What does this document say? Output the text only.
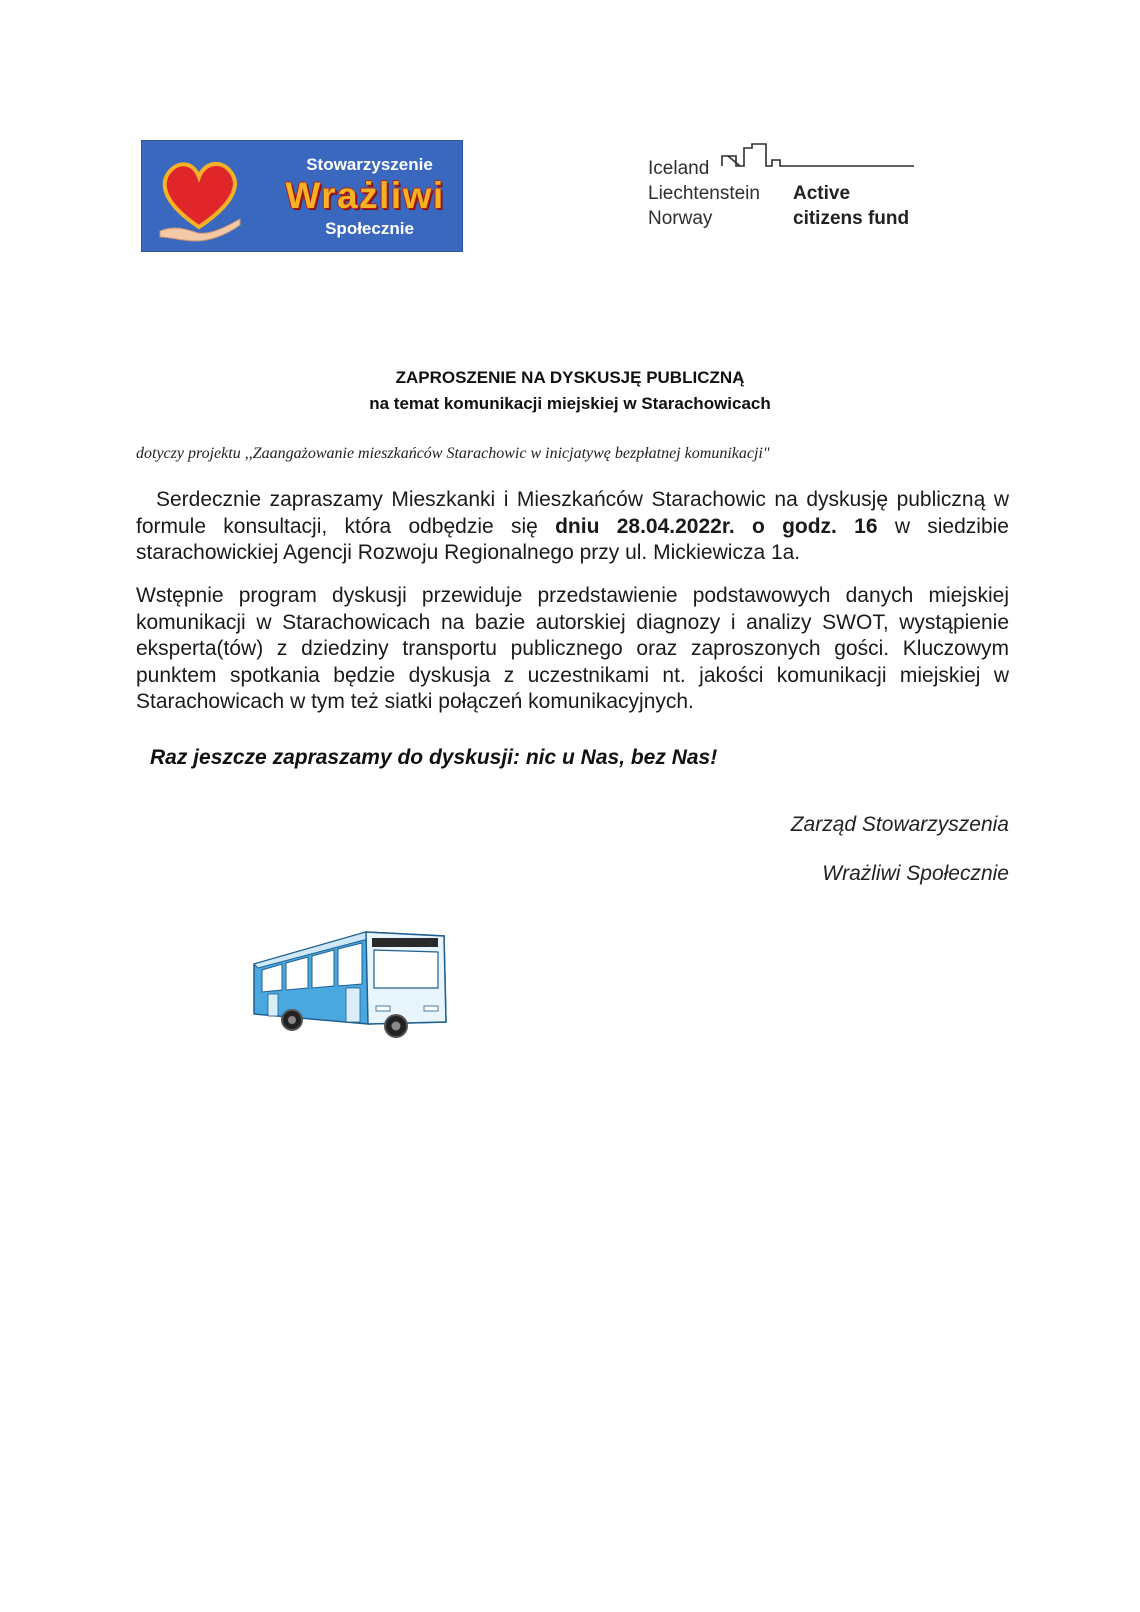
Stowarzyszenie
Wrażliwi
Społecznie
Iceland
Liechtenstein
Norway
Active
citizens fund
ZAPROSZENIE NA DYSKUSJĘ PUBLICZNĄ
na temat komunikacji miejskiej w Starachowicach
dotyczy projektu ,,Zaangażowanie mieszkańców Starachowic w inicjatywę bezpłatnej komunikacji"
Serdecznie zapraszamy Mieszkanki i Mieszkańców Starachowic na dyskusję publiczną w formule konsultacji, która odbędzie się dniu 28.04.2022r. o godz. 16 w siedzibie starachowickiej Agencji Rozwoju Regionalnego przy ul. Mickiewicza 1a.
Wstępnie program dyskusji przewiduje przedstawienie podstawowych danych miejskiej komunikacji w Starachowicach na bazie autorskiej diagnozy i analizy SWOT, wystąpienie eksperta(tów) z dziedziny transportu publicznego oraz zaproszonych gości. Kluczowym punktem spotkania będzie dyskusja z uczestnikami nt. jakości komunikacji miejskiej w Starachowicach w tym też siatki połączeń komunikacyjnych.
Raz jeszcze zapraszamy do dyskusji: nic u Nas, bez Nas!
Zarząd Stowarzyszenia
Wrażliwi Społecznie
